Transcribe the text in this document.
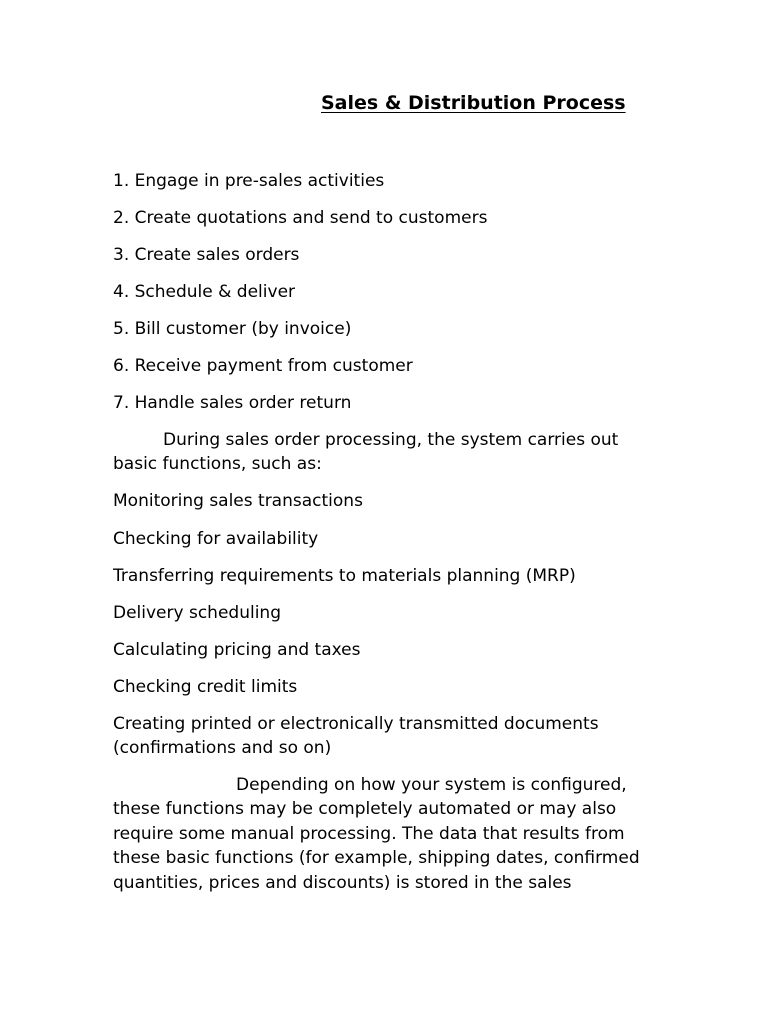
Sales & Distribution Process

1. Engage in pre-sales activities

2. Create quotations and send to customers

3. Create sales orders

4. Schedule & deliver

5. Bill customer (by invoice)

6. Receive payment from customer

7. Handle sales order return

During sales order processing, the system carries out
basic functions, such as:

Monitoring sales transactions

Checking for availability

Transferring requirements to materials planning (MRP)

Delivery scheduling

Calculating pricing and taxes

Checking credit limits

Creating printed or electronically transmitted documents
(confirmations and so on)
Depending on how your system is configured,
these functions may be completely automated or may also
require some manual processing. The data that results from
these basic functions (for example, shipping dates, confirmed
quantities, prices and discounts) is stored in the sales
